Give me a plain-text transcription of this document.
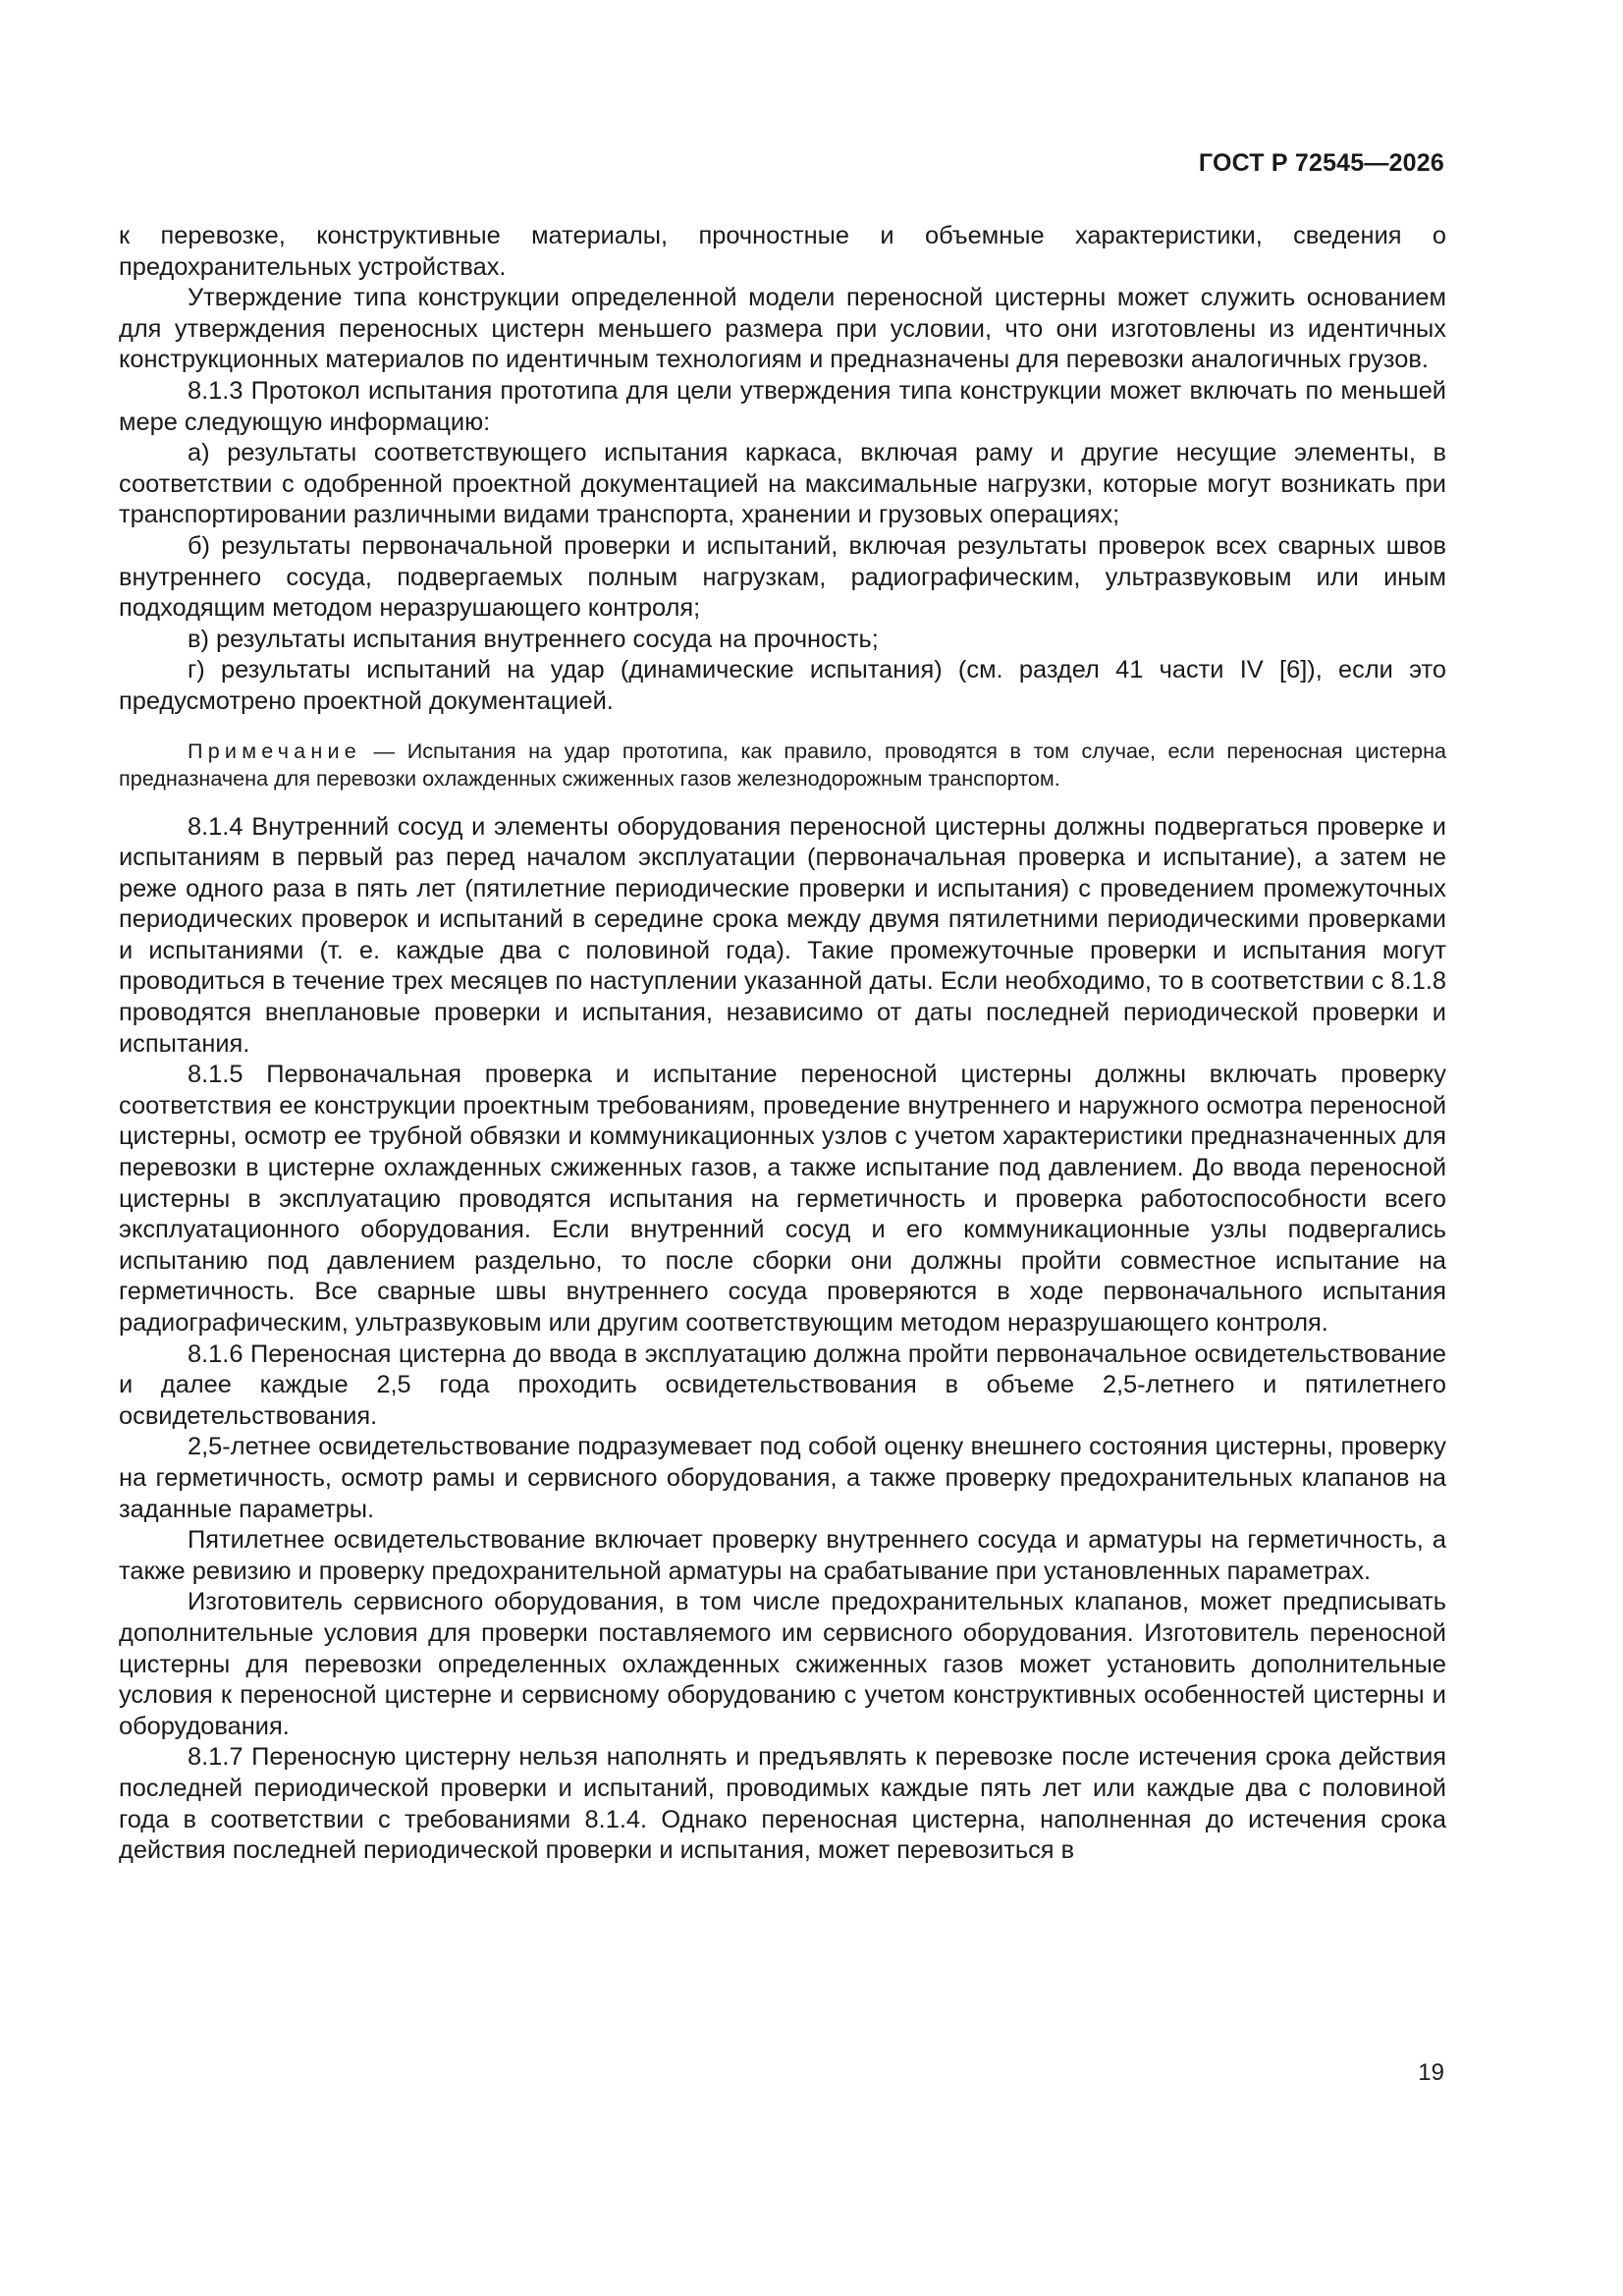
ГОСТ Р 72545—2026

к перевозке, конструктивные материалы, прочностные и объемные характеристики, сведения о предохранительных устройствах.

Утверждение типа конструкции определенной модели переносной цистерны может служить основанием для утверждения переносных цистерн меньшего размера при условии, что они изготовлены из идентичных конструкционных материалов по идентичным технологиям и предназначены для перевозки аналогичных грузов.

8.1.3 Протокол испытания прототипа для цели утверждения типа конструкции может включать по меньшей мере следующую информацию:

а) результаты соответствующего испытания каркаса, включая раму и другие несущие элементы, в соответствии с одобренной проектной документацией на максимальные нагрузки, которые могут возникать при транспортировании различными видами транспорта, хранении и грузовых операциях;

б) результаты первоначальной проверки и испытаний, включая результаты проверок всех сварных швов внутреннего сосуда, подвергаемых полным нагрузкам, радиографическим, ультразвуковым или иным подходящим методом неразрушающего контроля;

в) результаты испытания внутреннего сосуда на прочность;

г) результаты испытаний на удар (динамические испытания) (см. раздел 41 части IV [6]), если это предусмотрено проектной документацией.

Примечание — Испытания на удар прототипа, как правило, проводятся в том случае, если переносная цистерна предназначена для перевозки охлажденных сжиженных газов железнодорожным транспортом.

8.1.4 Внутренний сосуд и элементы оборудования переносной цистерны должны подвергаться проверке и испытаниям в первый раз перед началом эксплуатации (первоначальная проверка и испытание), а затем не реже одного раза в пять лет (пятилетние периодические проверки и испытания) с проведением промежуточных периодических проверок и испытаний в середине срока между двумя пятилетними периодическими проверками и испытаниями (т. е. каждые два с половиной года). Такие промежуточные проверки и испытания могут проводиться в течение трех месяцев по наступлении указанной даты. Если необходимо, то в соответствии с 8.1.8 проводятся внеплановые проверки и испытания, независимо от даты последней периодической проверки и испытания.

8.1.5 Первоначальная проверка и испытание переносной цистерны должны включать проверку соответствия ее конструкции проектным требованиям, проведение внутреннего и наружного осмотра переносной цистерны, осмотр ее трубной обвязки и коммуникационных узлов с учетом характеристики предназначенных для перевозки в цистерне охлажденных сжиженных газов, а также испытание под давлением. До ввода переносной цистерны в эксплуатацию проводятся испытания на герметичность и проверка работоспособности всего эксплуатационного оборудования. Если внутренний сосуд и его коммуникационные узлы подвергались испытанию под давлением раздельно, то после сборки они должны пройти совместное испытание на герметичность. Все сварные швы внутреннего сосуда проверяются в ходе первоначального испытания радиографическим, ультразвуковым или другим соответствующим методом неразрушающего контроля.

8.1.6 Переносная цистерна до ввода в эксплуатацию должна пройти первоначальное освидетельствование и далее каждые 2,5 года проходить освидетельствования в объеме 2,5-летнего и пятилетнего освидетельствования.

2,5-летнее освидетельствование подразумевает под собой оценку внешнего состояния цистерны, проверку на герметичность, осмотр рамы и сервисного оборудования, а также проверку предохранительных клапанов на заданные параметры.

Пятилетнее освидетельствование включает проверку внутреннего сосуда и арматуры на герметичность, а также ревизию и проверку предохранительной арматуры на срабатывание при установленных параметрах.

Изготовитель сервисного оборудования, в том числе предохранительных клапанов, может предписывать дополнительные условия для проверки поставляемого им сервисного оборудования. Изготовитель переносной цистерны для перевозки определенных охлажденных сжиженных газов может установить дополнительные условия к переносной цистерне и сервисному оборудованию с учетом конструктивных особенностей цистерны и оборудования.

8.1.7 Переносную цистерну нельзя наполнять и предъявлять к перевозке после истечения срока действия последней периодической проверки и испытаний, проводимых каждые пять лет или каждые два с половиной года в соответствии с требованиями 8.1.4. Однако переносная цистерна, наполненная до истечения срока действия последней периодической проверки и испытания, может перевозиться в

19
